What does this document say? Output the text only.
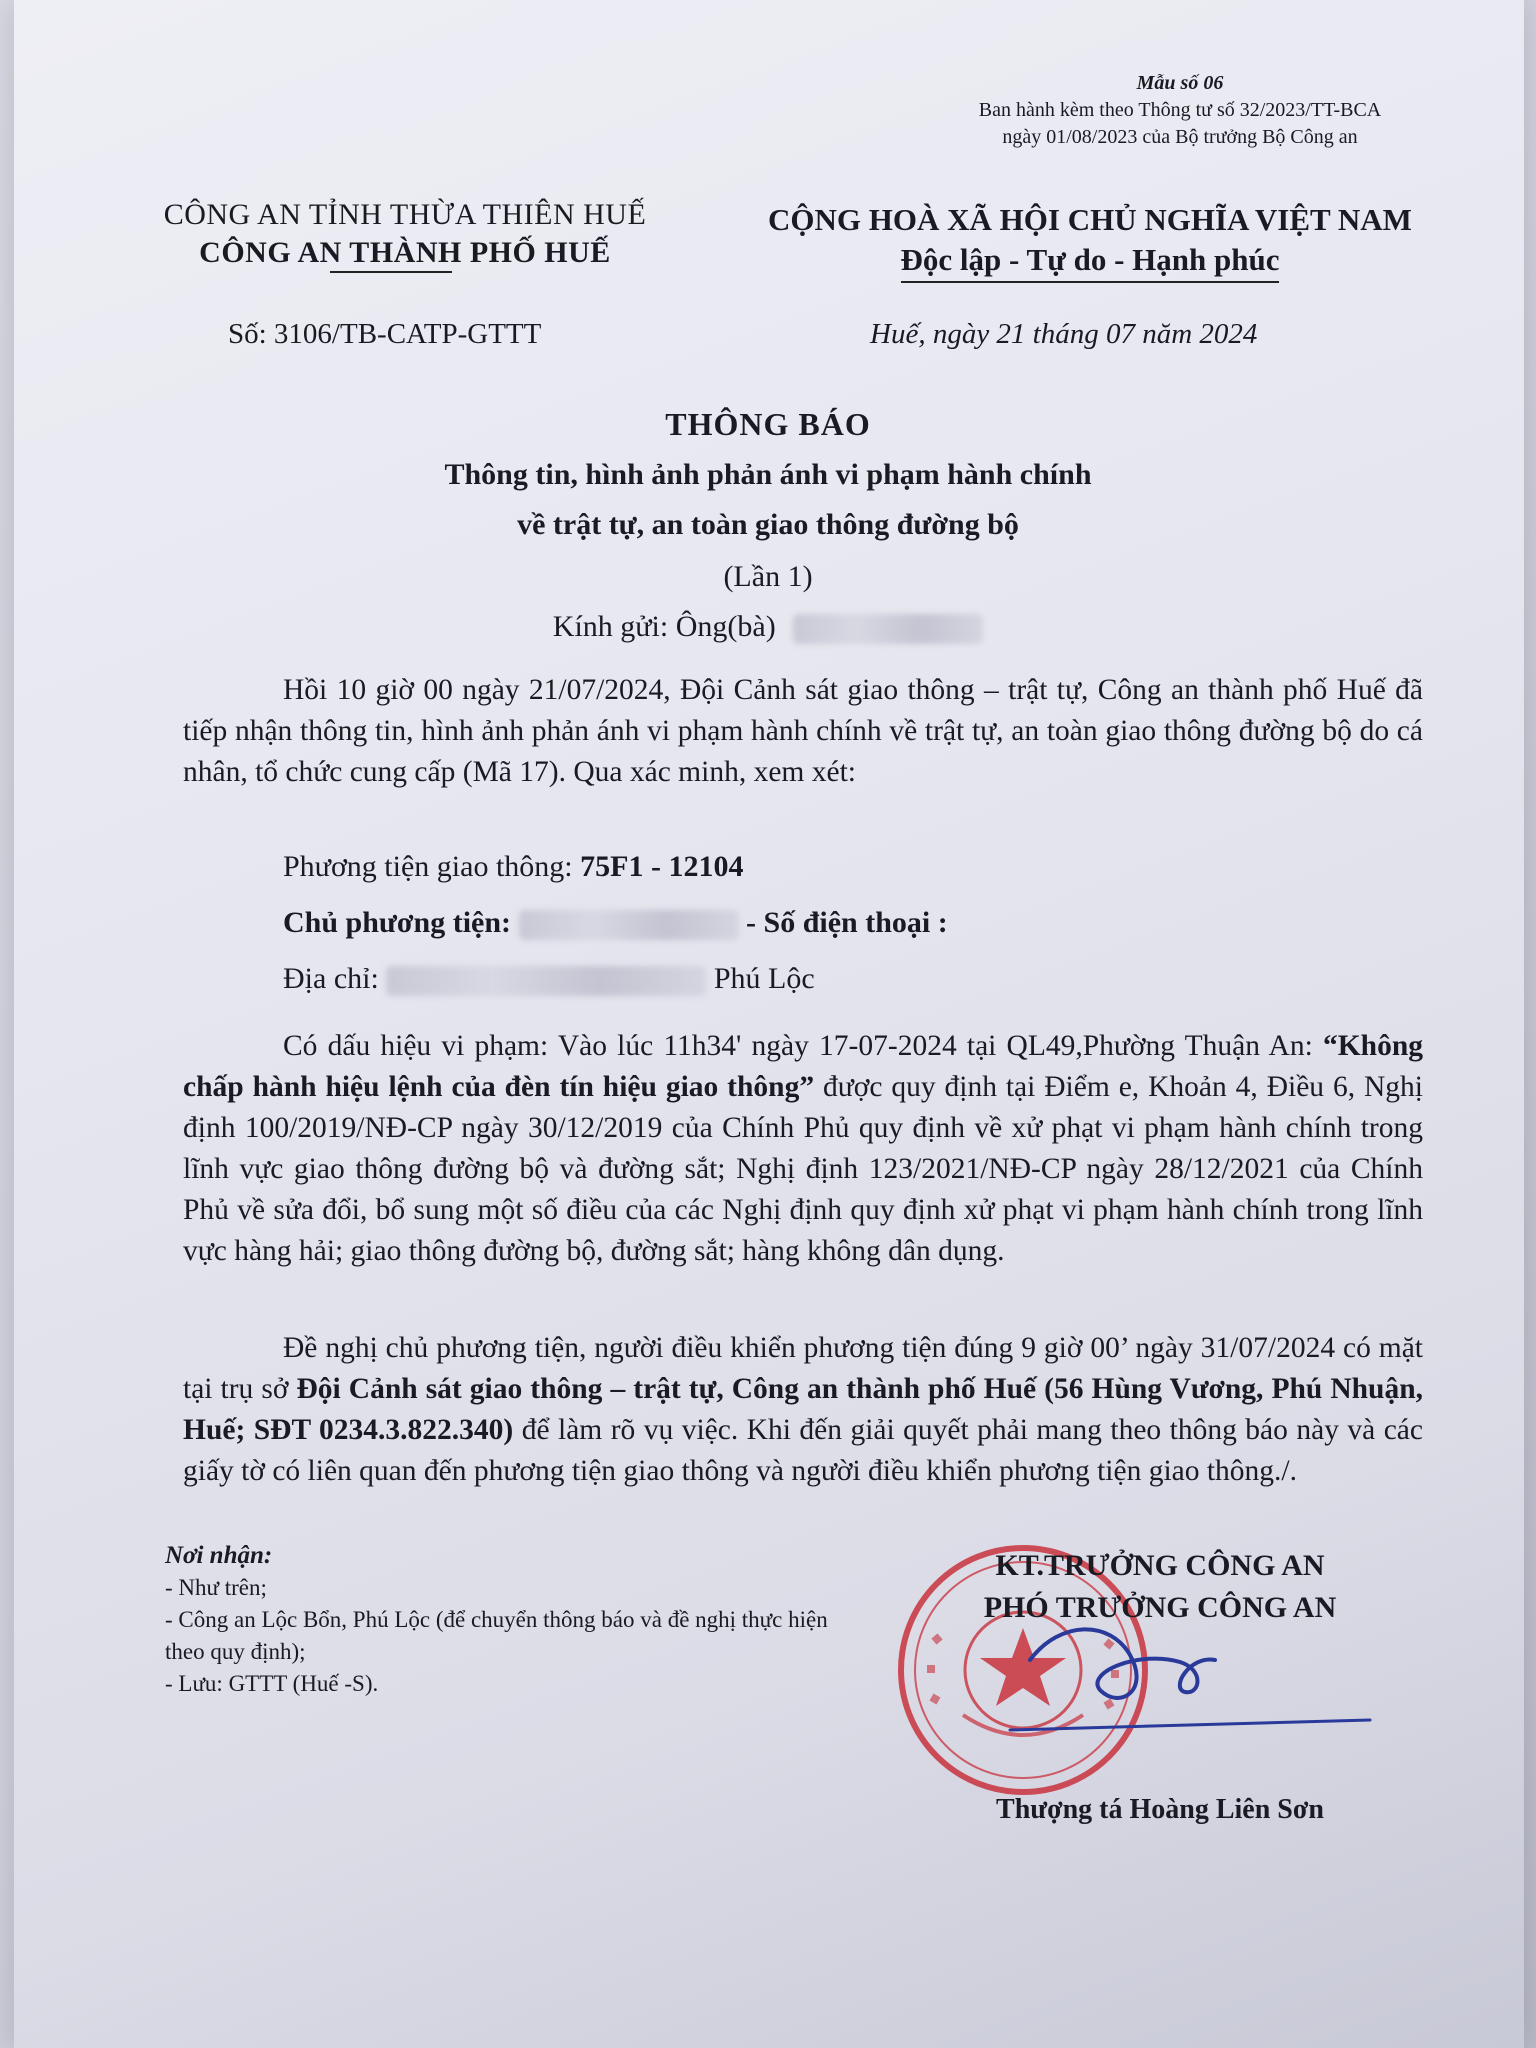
Mẫu số 06
Ban hành kèm theo Thông tư số 32/2023/TT-BCA
ngày 01/08/2023 của Bộ trưởng Bộ Công an
CÔNG AN TỈNH THỪA THIÊN HUẾ
CÔNG AN THÀNH PHỐ HUẾ
CỘNG HOÀ XÃ HỘI CHỦ NGHĨA VIỆT NAM
Độc lập - Tự do - Hạnh phúc
Số: 3106/TB-CATP-GTTT	Huế, ngày 21 tháng 07 năm 2024
THÔNG BÁO
Thông tin, hình ảnh phản ánh vi phạm hành chính
về trật tự, an toàn giao thông đường bộ
(Lần 1)
Kính gửi: Ông(bà)
Hồi 10 giờ 00 ngày 21/07/2024, Đội Cảnh sát giao thông – trật tự, Công an thành phố Huế đã tiếp nhận thông tin, hình ảnh phản ánh vi phạm hành chính về trật tự, an toàn giao thông đường bộ do cá nhân, tổ chức cung cấp (Mã 17). Qua xác minh, xem xét:
Phương tiện giao thông: 75F1 - 12104
Chủ phương tiện:	- Số điện thoại :
Địa chỉ:	Phú Lộc
Có dấu hiệu vi phạm: Vào lúc 11h34' ngày 17-07-2024 tại QL49,Phường Thuận An: “Không chấp hành hiệu lệnh của đèn tín hiệu giao thông” được quy định tại Điểm e, Khoản 4, Điều 6, Nghị định 100/2019/NĐ-CP ngày 30/12/2019 của Chính Phủ quy định về xử phạt vi phạm hành chính trong lĩnh vực giao thông đường bộ và đường sắt; Nghị định 123/2021/NĐ-CP ngày 28/12/2021 của Chính Phủ về sửa đổi, bổ sung một số điều của các Nghị định quy định xử phạt vi phạm hành chính trong lĩnh vực hàng hải; giao thông đường bộ, đường sắt; hàng không dân dụng.
Đề nghị chủ phương tiện, người điều khiển phương tiện đúng 9 giờ 00’ ngày 31/07/2024 có mặt tại trụ sở Đội Cảnh sát giao thông – trật tự, Công an thành phố Huế (56 Hùng Vương, Phú Nhuận, Huế; SĐT 0234.3.822.340) để làm rõ vụ việc. Khi đến giải quyết phải mang theo thông báo này và các giấy tờ có liên quan đến phương tiện giao thông và người điều khiển phương tiện giao thông./.
Nơi nhận:
- Như trên;
- Công an Lộc Bổn, Phú Lộc (để chuyển thông báo và đề nghị thực hiện theo quy định);
- Lưu: GTTT (Huế -S).
KT.TRƯỞNG CÔNG AN
PHÓ TRƯỞNG CÔNG AN
Thượng tá Hoàng Liên Sơn
